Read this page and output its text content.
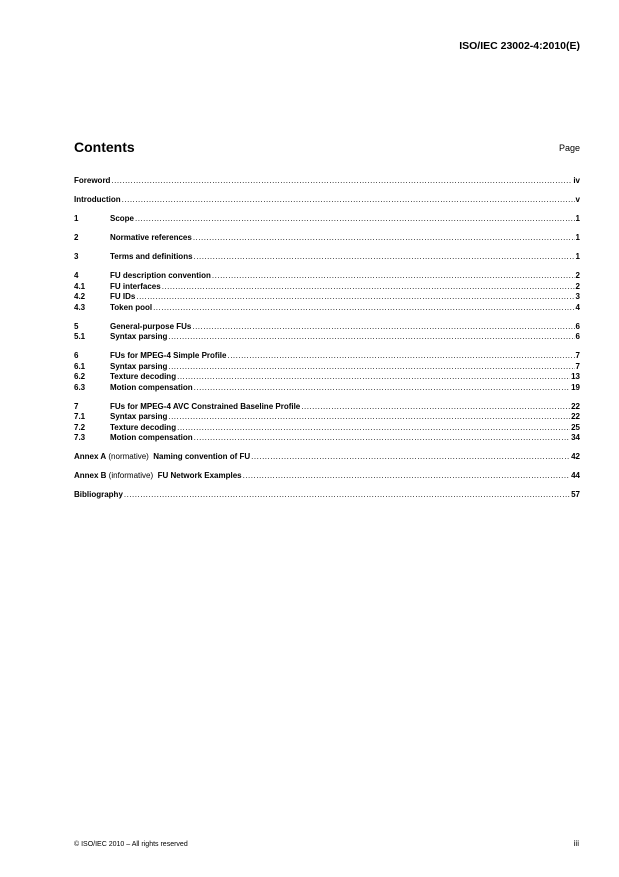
ISO/IEC 23002-4:2010(E)
Contents	Page
Foreword .....	iv
Introduction .....	v
1	Scope .....	1
2	Normative references .....	1
3	Terms and definitions .....	1
4	FU description convention .....	2
4.1	FU interfaces .....	2
4.2	FU IDs .....	3
4.3	Token pool .....	4
5	General-purpose FUs .....	6
5.1	Syntax parsing .....	6
6	FUs for MPEG-4 Simple Profile .....	7
6.1	Syntax parsing .....	7
6.2	Texture decoding .....	13
6.3	Motion compensation .....	19
7	FUs for MPEG-4 AVC Constrained Baseline Profile .....	22
7.1	Syntax parsing .....	22
7.2	Texture decoding .....	25
7.3	Motion compensation .....	34
Annex A (normative)  Naming convention of FU .....	42
Annex B (informative)  FU Network Examples .....	44
Bibliography .....	57
© ISO/IEC 2010 – All rights reserved	iii
